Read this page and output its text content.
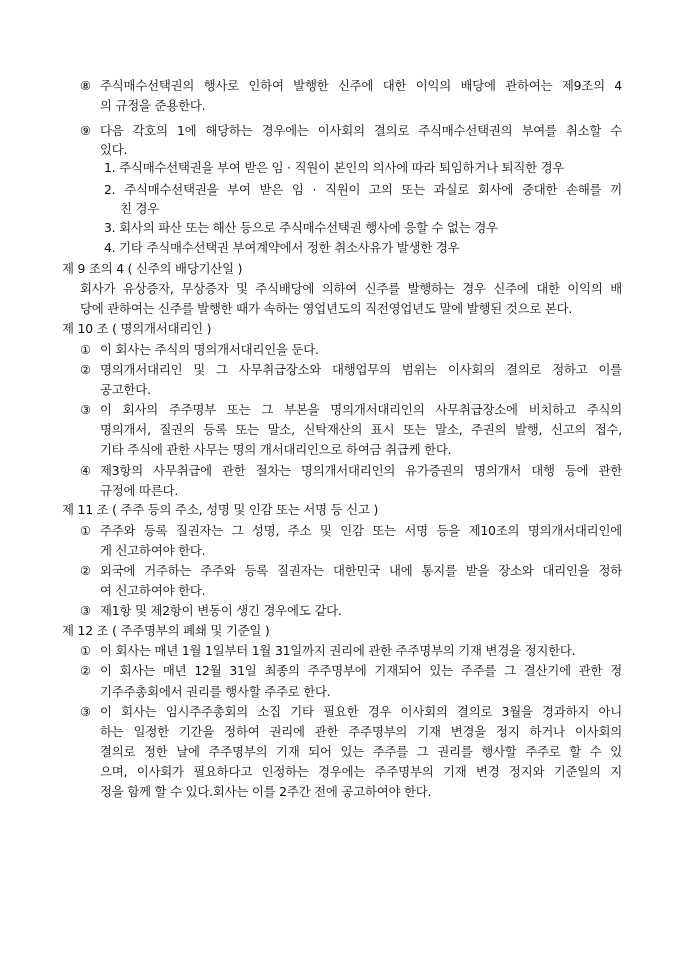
⑧ 주식매수선택권의 행사로 인하여 발행한 신주에 대한 이익의 배당에 관하여는 제9조의 4
의 규정을 준용한다.
⑨ 다음 각호의 1에 해당하는 경우에는 이사회의 결의로 주식매수선택권의 부여를 취소할 수
있다.
1. 주식매수선택권을 부여 받은 임 · 직원이 본인의 의사에 따라 퇴임하거나 퇴직한 경우
2. 주식매수선택권을 부여 받은 임 · 직원이 고의 또는 과실로 회사에 중대한 손해를 끼
친 경우
3. 회사의 파산 또는 해산 등으로 주식매수선택권 행사에 응할 수 없는 경우
4. 기타 주식매수선택권 부여계약에서 정한 취소사유가 발생한 경우
제 9 조의 4 ( 신주의 배당기산일 )
회사가 유상증자, 무상증자 및 주식배당에 의하여 신주를 발행하는 경우 신주에 대한 이익의 배
당에 관하여는 신주를 발행한 때가 속하는 영업년도의 직전영업년도 말에 발행된 것으로 본다.
제 10 조 ( 명의개서대리인 )
① 이 회사는 주식의 명의개서대리인을 둔다.
② 명의개서대리인 및 그 사무취급장소와 대행업무의 범위는 이사회의 결의로 정하고 이를
공고한다.
③ 이 회사의 주주명부 또는 그 부본을 명의개서대리인의 사무취급장소에 비치하고 주식의
명의개서, 질권의 등록 또는 말소, 신탁재산의 표시 또는 말소, 주권의 발행, 신고의 접수,
기타 주식에 관한 사무는 명의 개서대리인으로 하여금 취급케 한다.
④ 제3항의 사무취급에 관한 절차는 명의개서대리인의 유가증권의 명의개서 대행 등에 관한
규정에 따른다.
제 11 조 ( 주주 등의 주소, 성명 및 인감 또는 서명 등 신고 )
① 주주와 등록 질권자는 그 성명, 주소 및 인감 또는 서명 등을 제10조의 명의개서대리인에
게 신고하여야 한다.
② 외국에 거주하는 주주와 등록 질권자는 대한민국 내에 통지를 받을 장소와 대리인을 정하
여 신고하여야 한다.
③ 제1항 및 제2항이 변동이 생긴 경우에도 같다.
제 12 조 ( 주주명부의 폐쇄 및 기준일 )
① 이 회사는 매년 1월 1일부터 1월 31일까지 권리에 관한 주주명부의 기재 변경을 정지한다.
② 이 회사는 매년 12월 31일 최종의 주주명부에 기재되어 있는 주주를 그 결산기에 관한 정
기주주총회에서 권리를 행사할 주주로 한다.
③ 이 회사는 임시주주총회의 소집 기타 필요한 경우 이사회의 결의로 3월을 경과하지 아니
하는 일정한 기간을 정하여 권리에 관한 주주명부의 기재 변경을 정지 하거나 이사회의
결의로 정한 날에 주주명부의 기재 되어 있는 주주를 그 권리를 행사할 주주로 할 수 있
으며, 이사회가 필요하다고 인정하는 경우에는 주주명부의 기재 변경 정지와 기준일의 지
정을 함께 할 수 있다.회사는 이를 2주간 전에 공고하여야 한다.
